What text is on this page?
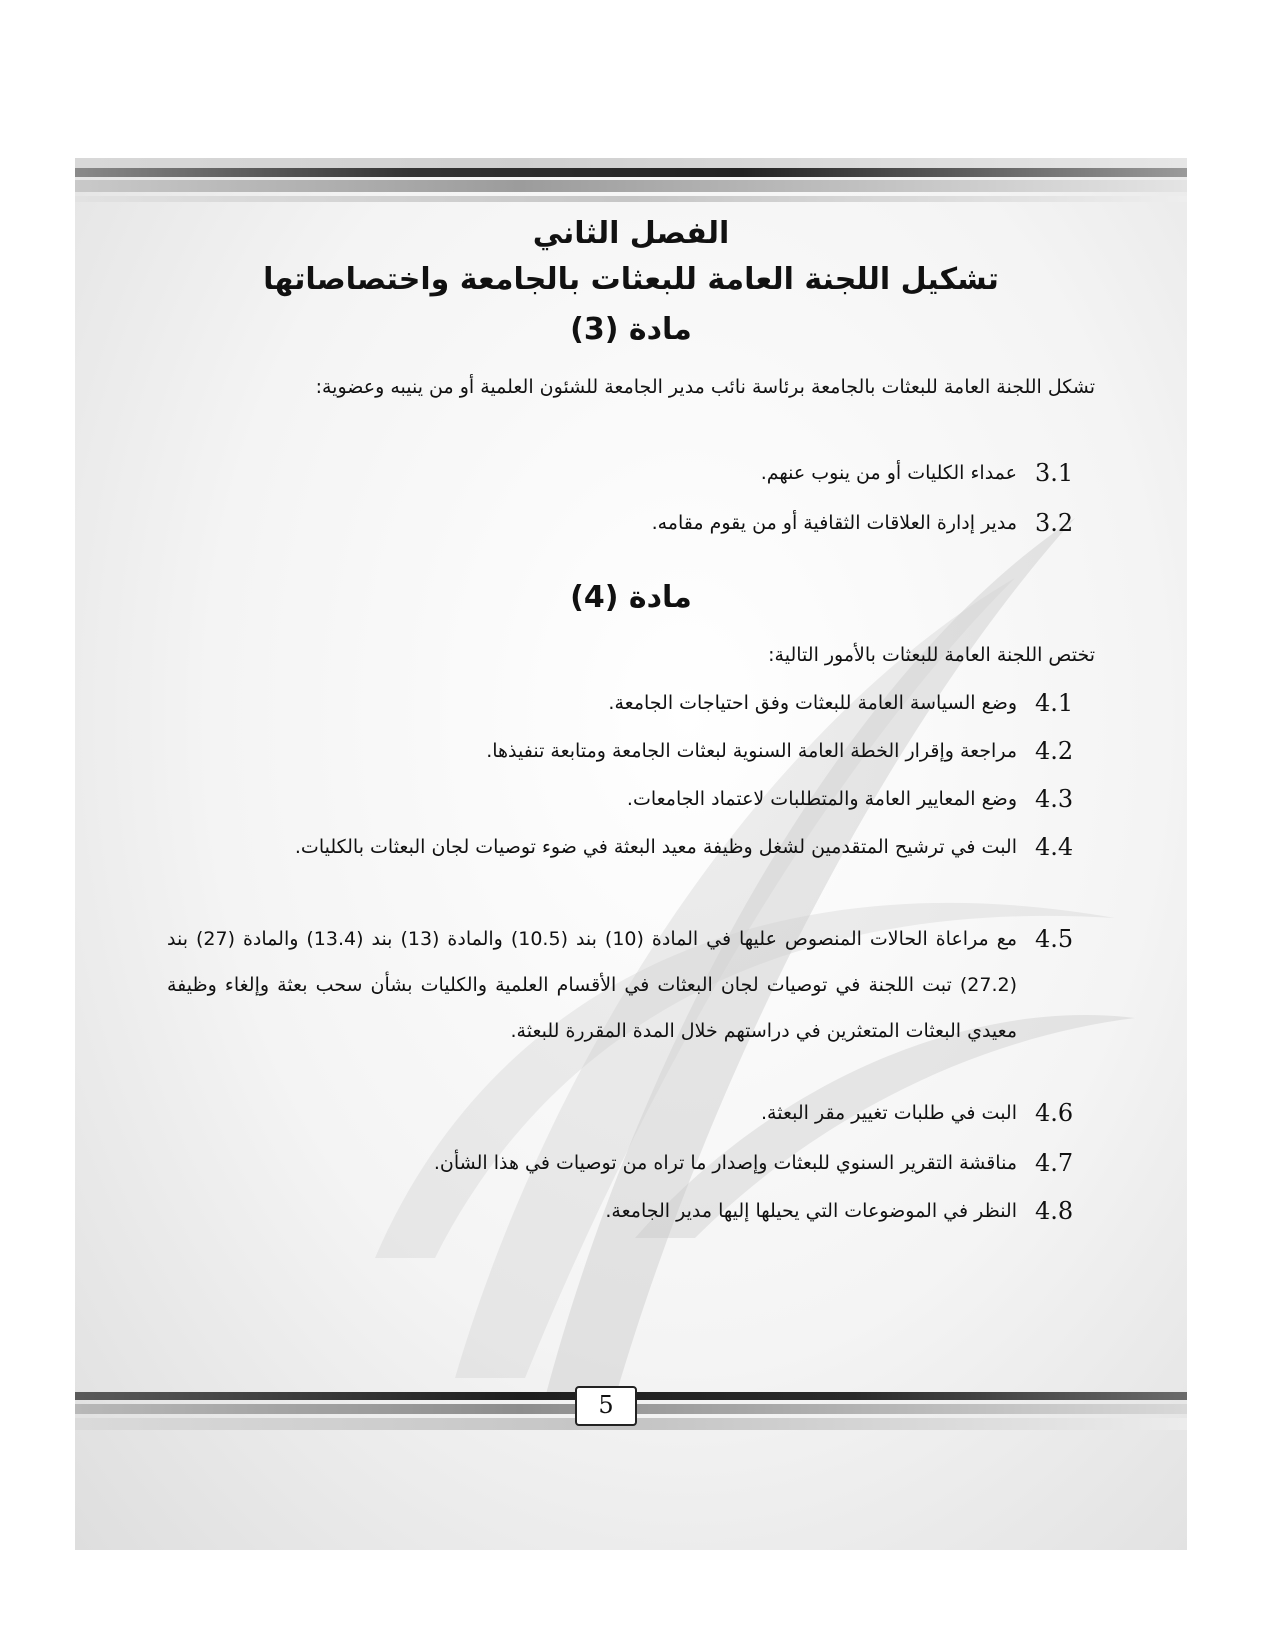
الفصل الثاني
تشكيل اللجنة العامة للبعثات بالجامعة واختصاصاتها
مادة (3)

تشكل اللجنة العامة للبعثات بالجامعة برئاسة نائب مدير الجامعة للشئون العلمية أو من ينيبه وعضوية:

3.1
عمداء الكليات أو من ينوب عنهم.
3.2
مدير إدارة العلاقات الثقافية أو من يقوم مقامه.
مادة (4)

تختص اللجنة العامة للبعثات بالأمور التالية:

4.1
وضع السياسة العامة للبعثات وفق احتياجات الجامعة.
4.2
مراجعة وإقرار الخطة العامة السنوية لبعثات الجامعة ومتابعة تنفيذها.
4.3
وضع المعايير العامة والمتطلبات لاعتماد الجامعات.
4.4
البت في ترشيح المتقدمين لشغل وظيفة معيد البعثة في ضوء توصيات لجان البعثات بالكليات.
4.5
مع مراعاة الحالات المنصوص عليها في المادة (10) بند (10.5) والمادة (13) بند (13.4) والمادة (27) بند (27.2) تبت اللجنة في توصيات لجان البعثات في الأقسام العلمية والكليات بشأن سحب بعثة وإلغاء وظيفة معيدي البعثات المتعثرين في دراستهم خلال المدة المقررة للبعثة.
4.6
البت في طلبات تغيير مقر البعثة.
4.7
مناقشة التقرير السنوي للبعثات وإصدار ما تراه من توصيات في هذا الشأن.
4.8
النظر في الموضوعات التي يحيلها إليها مدير الجامعة.
5
